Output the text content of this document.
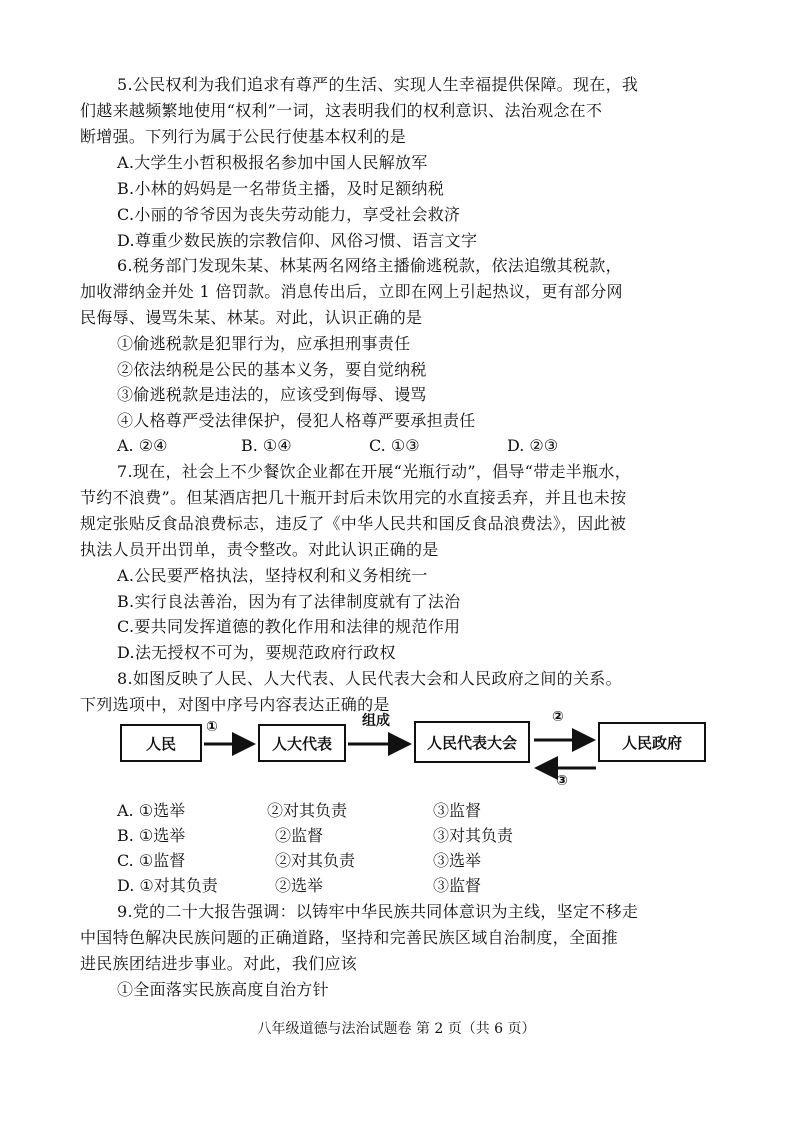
5.公民权利为我们追求有尊严的生活、实现人生幸福提供保障。现在，我
们越来越频繁地使用“权利”一词，这表明我们的权利意识、法治观念在不
断增强。下列行为属于公民行使基本权利的是
A.大学生小哲积极报名参加中国人民解放军
B.小林的妈妈是一名带货主播，及时足额纳税
C.小丽的爷爷因为丧失劳动能力，享受社会救济
D.尊重少数民族的宗教信仰、风俗习惯、语言文字
6.税务部门发现朱某、林某两名网络主播偷逃税款，依法追缴其税款，
加收滞纳金并处 1 倍罚款。消息传出后，立即在网上引起热议，更有部分网
民侮辱、谩骂朱某、林某。对此，认识正确的是
①偷逃税款是犯罪行为，应承担刑事责任
②依法纳税是公民的基本义务，要自觉纳税
③偷逃税款是违法的，应该受到侮辱、谩骂
④人格尊严受法律保护，侵犯人格尊严要承担责任
A. ②④	B. ①④	C. ①③	D. ②③
7.现在，社会上不少餐饮企业都在开展“光瓶行动”，倡导“带走半瓶水，
节约不浪费”。但某酒店把几十瓶开封后未饮用完的水直接丢弃，并且也未按
规定张贴反食品浪费标志，违反了《中华人民共和国反食品浪费法》，因此被
执法人员开出罚单，责令整改。对此认识正确的是
A.公民要严格执法，坚持权利和义务相统一
B.实行良法善治，因为有了法律制度就有了法治
C.要共同发挥道德的教化作用和法律的规范作用
D.法无授权不可为，要规范政府行政权
8.如图反映了人民、人大代表、人民代表大会和人民政府之间的关系。
下列选项中，对图中序号内容表达正确的是
人民	人大代表	人民代表大会	人民政府
①	组成	②
③
A. ①选举	②对其负责	③监督
B. ①选举	②监督	③对其负责
C. ①监督	②对其负责	③选举
D. ①对其负责	②选举	③监督
9.党的二十大报告强调：以铸牢中华民族共同体意识为主线，坚定不移走
中国特色解决民族问题的正确道路，坚持和完善民族区域自治制度，全面推
进民族团结进步事业。对此，我们应该
①全面落实民族高度自治方针
八年级道德与法治试题卷 第 2 页（共 6 页）
